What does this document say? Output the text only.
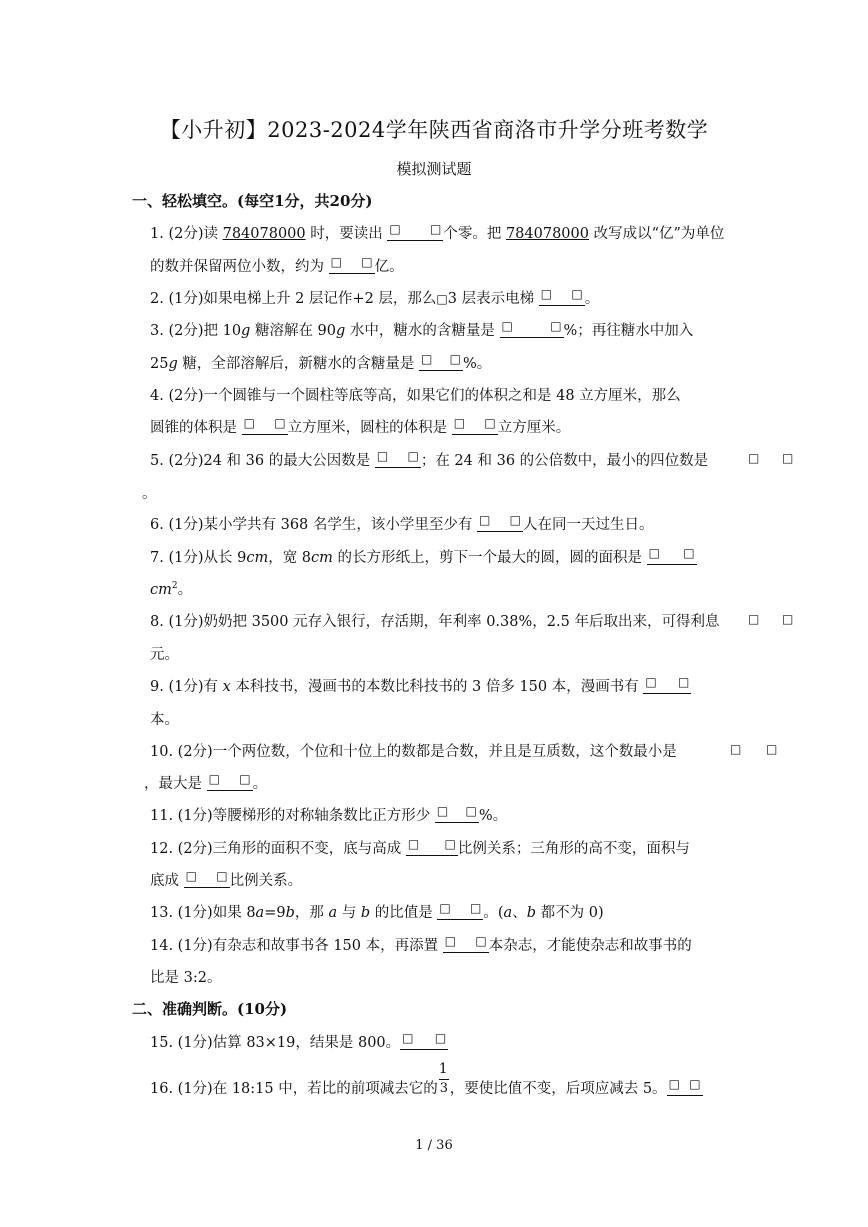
【小升初】2023-2024学年陕西省商洛市升学分班考数学
模拟测试题
一、轻松填空。(每空1分，共20分)
1. (2分)读 784078000 时，要读出 □ □	个零。把 784078000 改写成以“亿”为单位
的数并保留两位小数，约为 □ □	亿。
2. (1分)如果电梯上升 2 层记作+2 层，那么□3 层表示电梯 □ □	。
3. (2分)把 10g 糖溶解在 90g 水中，糖水的含糖量是 □ □	%；再往糖水中加入
25g 糖，全部溶解后，新糖水的含糖量是 □ □	%。
4. (2分)一个圆锥与一个圆柱等底等高，如果它们的体积之和是 48 立方厘米，那么
圆锥的体积是 □ □	立方厘米，圆柱的体积是 □ □	立方厘米。
5. (2分)24 和 36 的最大公因数是 □ □	；在 24 和 36 的公倍数中，最小的四位数是	□ □
。
6. (1分)某小学共有 368 名学生，该小学里至少有 □ □	人在同一天过生日。
7. (1分)从长 9cm，宽 8cm 的长方形纸上，剪下一个最大的圆，圆的面积是 □ □
$cm^2$。
8. (1分)奶奶把 3500 元存入银行，存活期，年利率 0.38%，2.5 年后取出来，可得利息 □ □
元。
9. (1分)有 x 本科技书，漫画书的本数比科技书的 3 倍多 150 本，漫画书有 □ □
本。
10. (2分)一个两位数，个位和十位上的数都是合数，并且是互质数，这个数最小是	□ □
，最大是 □ □	。
11. (1分)等腰梯形的对称轴条数比正方形少 □ □	%。
12. (2分)三角形的面积不变，底与高成 □ □	比例关系；三角形的高不变，面积与
底成 □ □	比例关系。
13. (1分)如果 8a=9b，那 a 与 b 的比值是 □ □	。(a、b 都不为 0)
14. (1分)有杂志和故事书各 150 本，再添置 □ □	本杂志，才能使杂志和故事书的
比是 3:2。
二、准确判断。(10分)
15. (1分)估算 83×19，结果是 800。□ □
16. (1分)在 18:15 中，若比的前项减去它的 $\frac{1}{3}$ ，要使比值不变，后项应减去 5。□ □
1 / 36
